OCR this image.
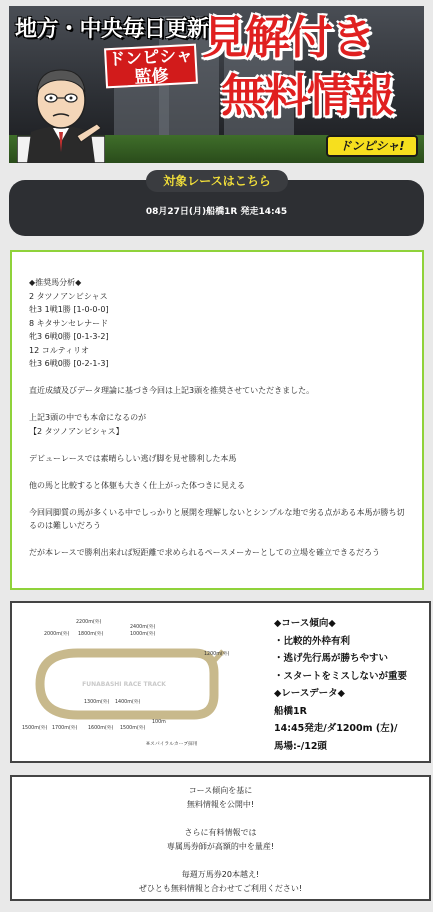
地方・中央毎日更新!
ドンピシャ
監修
見解付き
無料情報
ドンピシャ!
対象レースはこちら
08月27日(月)船橋1R 発走14:45

◆推奨馬分析◆

2 タツノアンビシャス

牡3 1戦1勝 [1-0-0-0]

8 キタサンセレナード

牝3 6戦0勝 [0-1-3-2]

12 コルティリオ

牡3 6戦0勝 [0-2-1-3]

直近成績及びデータ理論に基づき今回は上記3頭を推奨させていただきました。

上記3頭の中でも本命になるのが
【2 タツノアンビシャス】

デビューレースでは素晴らしい逃げ脚を見せ勝利した本馬

他の馬と比較すると体躯も大きく仕上がった体つきに見える

今回同脚質の馬が多くいる中でしっかりと展開を理解しないとシンプルな地で劣る点がある本馬が勝ち切るのは難しいだろう

だが本レースで勝利出来れば短距離で求められるペースメーカーとしての立場を確立できるだろう

FUNABASHI RACE TRACK
2200m(外)
2000m(外) 1800m(外)
2400m(外)
1000m(外)
1200m(外)
1500m(外)
1400m(外)
1300m(外)
1700m(外) 1600m(外) 1500m(外)
100m
※スパイラルカーブ採用
◆コース傾向◆
・比較的外枠有利
・逃げ先行馬が勝ちやすい
・スタートをミスしないが重要
◆レースデータ◆
船橋1R
14:45発走/ダ1200m (左)/
馬場:-/12頭
コース傾向を基に
無料情報を公開中!
さらに有料情報では
専属馬券師が高額的中を量産!
毎週万馬券20本越え!
ぜひとも無料情報と合わせてご利用ください!
